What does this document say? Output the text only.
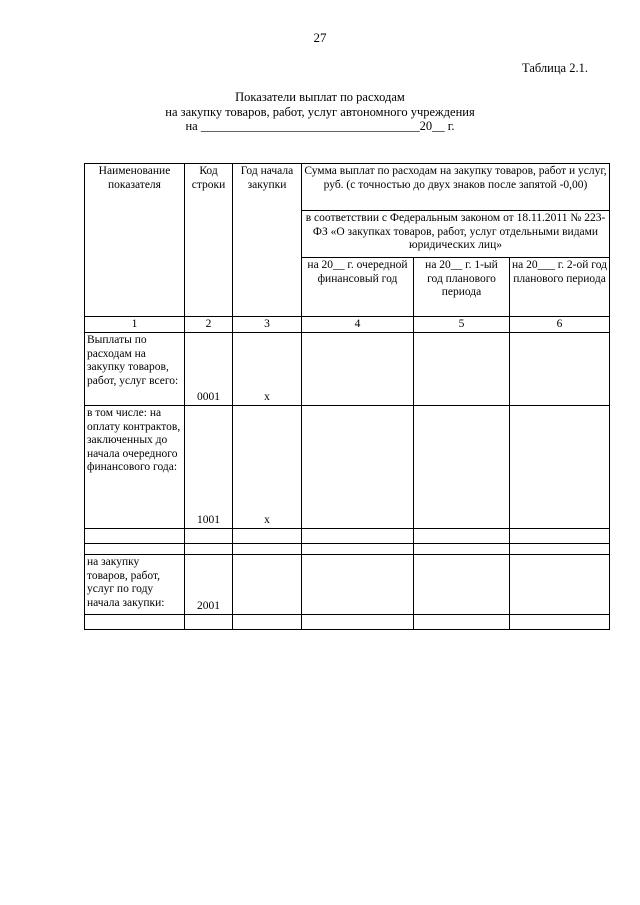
27
Таблица 2.1.
Показатели выплат по расходам
на закупку товаров, работ, услуг автономного учреждения
на ___________________________________20__ г.
Наименование показателя	Код строки	Год начала закупки	Сумма выплат по расходам на закупку товаров, работ и услуг, руб. (с точностью до двух знаков после запятой -0,00)		
			в соответствии с Федеральным законом от 18.11.2011 № 223-ФЗ «О закупках товаров, работ, услуг отдельными видами юридических лиц»		
			на 20__ г. очередной финансовый год	на 20__ г. 1-ый год планового периода	на 20___ г. 2-ой год планового периода
1	2	3	4	5	6
Выплаты по расходам на закупку товаров, работ, услуг всего:	0001	x			
в том числе: на оплату контрактов, заключенных до начала очередного финансового года:	1001	x			

на закупку товаров, работ, услуг по году начала закупки:	2001				
